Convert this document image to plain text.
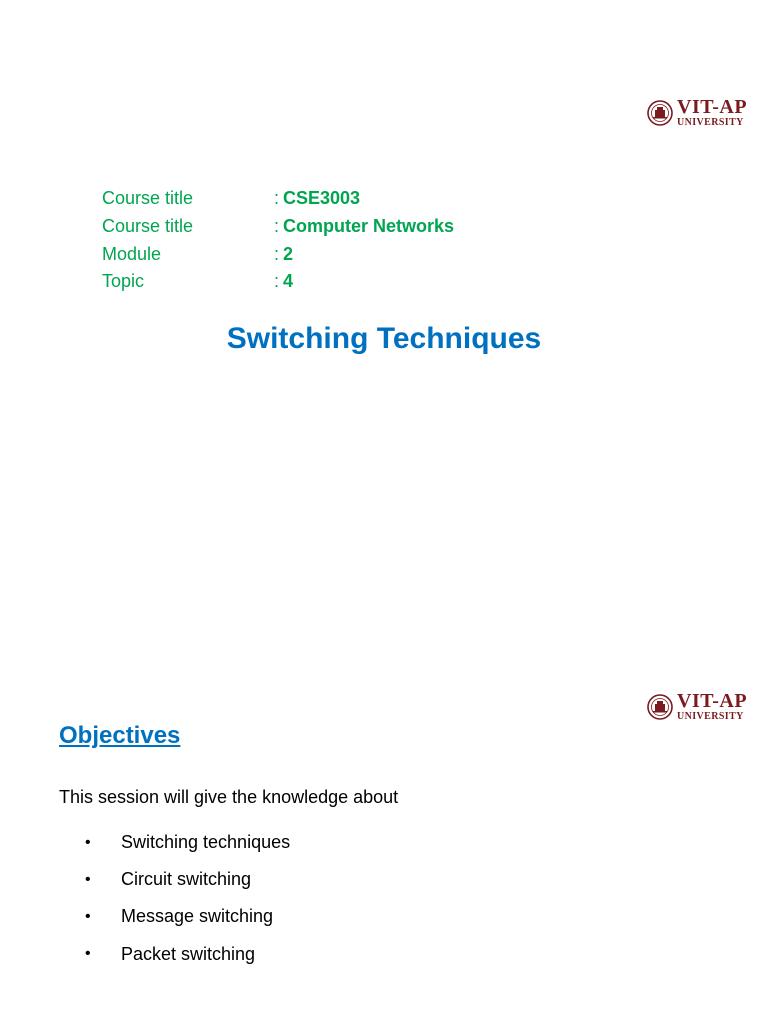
VIT-AP
UNIVERSITY
Course title	: CSE3003
Course title	: Computer Networks
Module	: 2
Topic	: 4
Switching Techniques
VIT-AP
UNIVERSITY
Objectives
This session will give the knowledge about
•	Switching techniques
•	Circuit switching
•	Message switching
•	Packet switching
